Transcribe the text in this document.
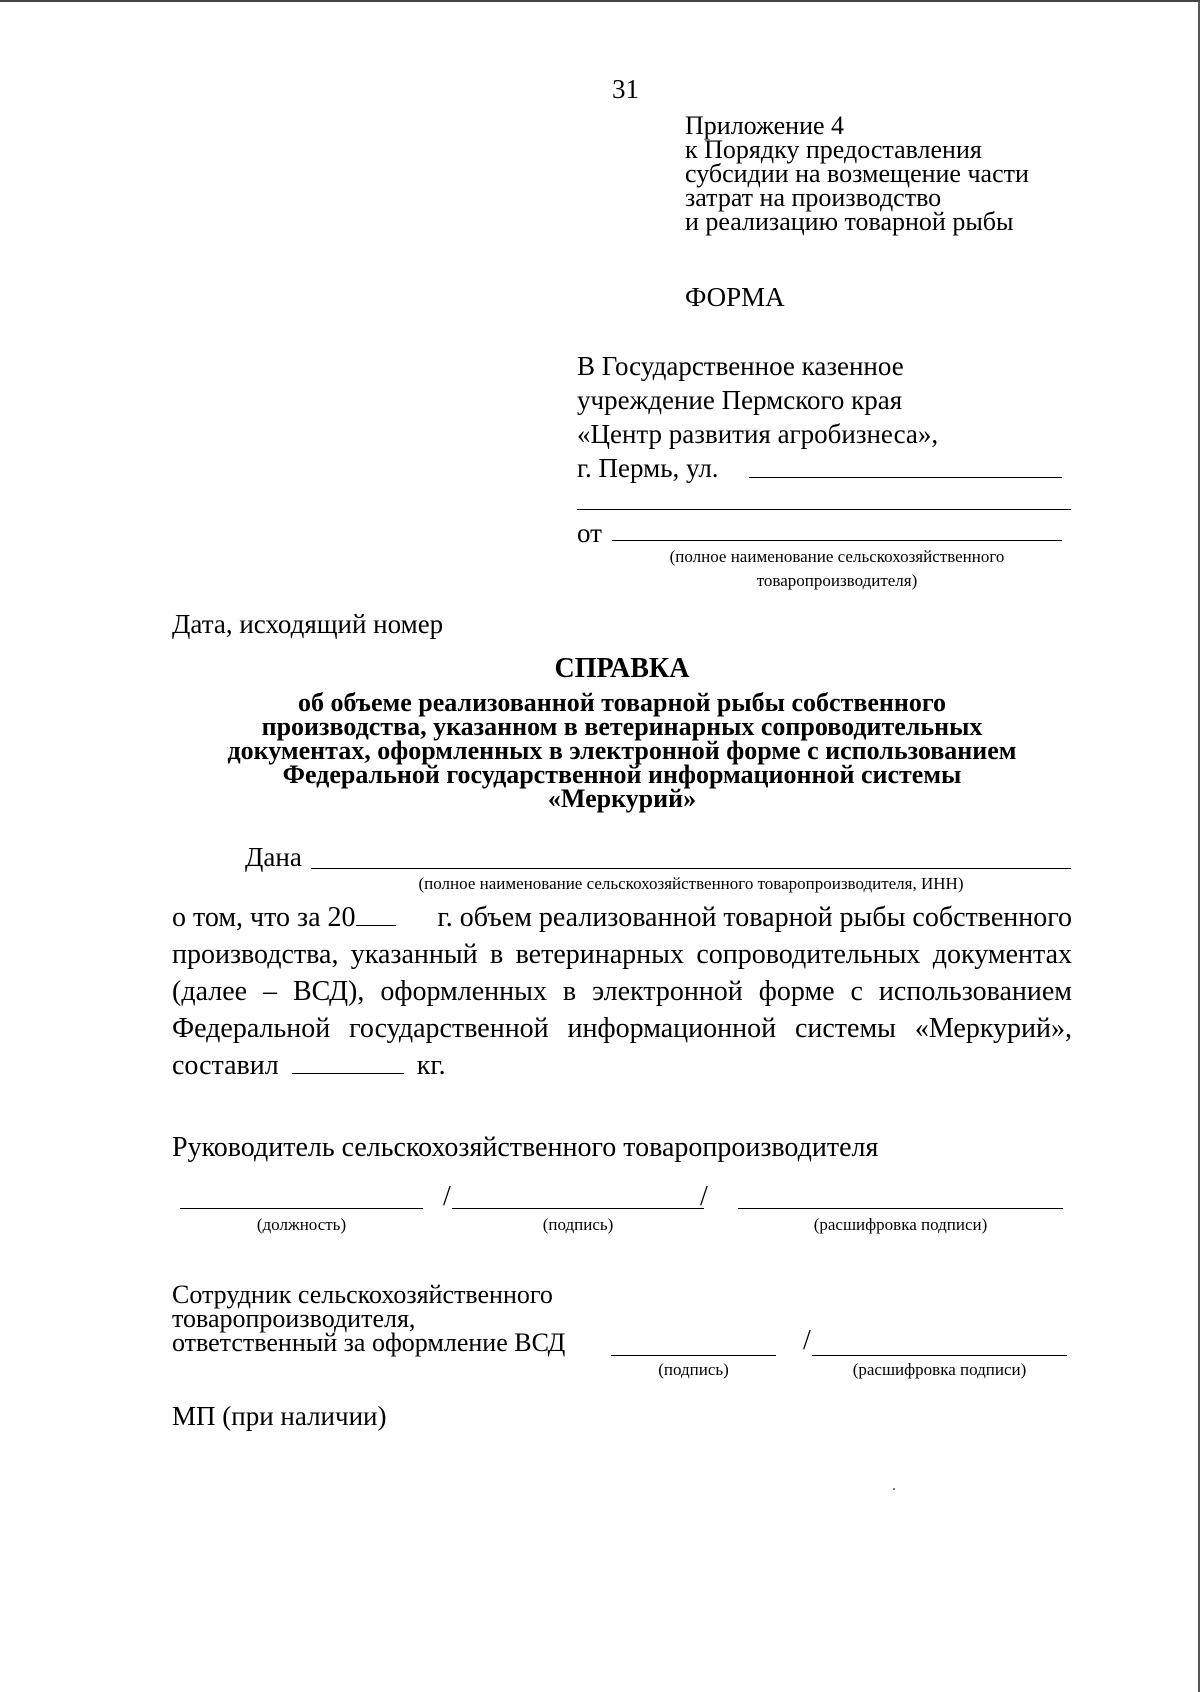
31
Приложение 4
к Порядку предоставления
субсидии на возмещение части
затрат на производство
и реализацию товарной рыбы
ФОРМА
В Государственное казенное
учреждение Пермского края
«Центр развития агробизнеса»,
г. Пермь, ул.
от
(полное наименование сельскохозяйственного
товаропроизводителя)
Дата, исходящий номер
СПРАВКА
об объеме реализованной товарной рыбы собственного
производства, указанном в ветеринарных сопроводительных
документах, оформленных в электронной форме с использованием
Федеральной государственной информационной системы
«Меркурий»
Дана
(полное наименование сельскохозяйственного товаропроизводителя, ИНН)
о том, что за 20	г. объем реализованной товарной рыбы собственного
производства, указанный в ветеринарных сопроводительных документах
(далее – ВСД), оформленных в электронной форме с использованием
Федеральной государственной информационной системы «Меркурий»,
составил	кг.
Руководитель сельскохозяйственного товаропроизводителя
/	/
(должность)	(подпись)	(расшифровка подписи)
Сотрудник сельскохозяйственного
товаропроизводителя,
ответственный за оформление ВСД	/
(подпись)	(расшифровка подписи)
МП (при наличии)
